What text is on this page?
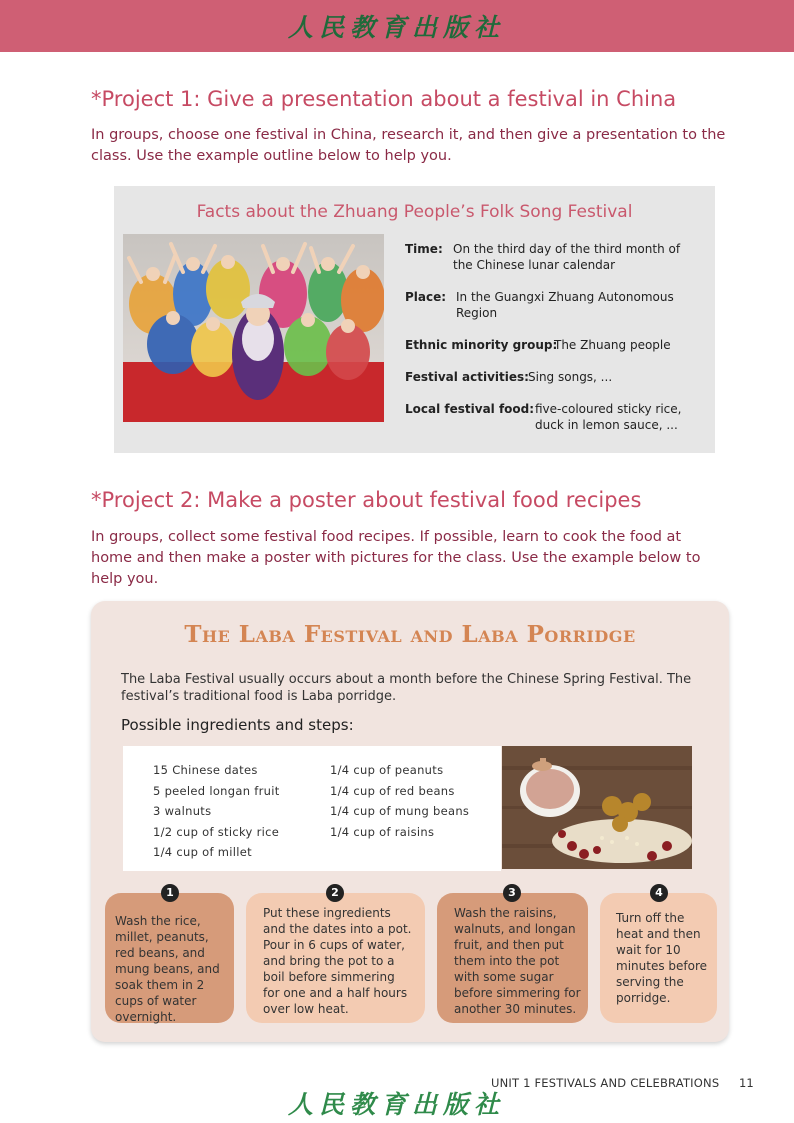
人民教育出版社
*Project 1: Give a presentation about a festival in China
In groups, choose one festival in China, research it, and then give a presentation to the class. Use the example outline below to help you.
Facts about the Zhuang People’s Folk Song Festival
Time: On the third day of the third month of the Chinese lunar calendar
Place: In the Guangxi Zhuang Autonomous Region
Ethnic minority group:
The Zhuang people
Festival activities: Sing songs, ...
Local festival food: five-coloured sticky rice, duck in lemon sauce, ...
*Project 2: Make a poster about festival food recipes
In groups, collect some festival food recipes. If possible, learn to cook the food at home and then make a poster with pictures for the class. Use the example below to help you.
The Laba Festival and Laba Porridge
The Laba Festival usually occurs about a month before the Chinese Spring Festival. The festival’s traditional food is Laba porridge.
Possible ingredients and steps:
15 Chinese dates
5 peeled longan fruit
3 walnuts
1/2 cup of sticky rice
1/4 cup of millet
1/4 cup of peanuts
1/4 cup of red beans
1/4 cup of mung beans
1/4 cup of raisins
1
Wash the rice, millet, peanuts, red beans, and mung beans, and soak them in 2 cups of water overnight.
2
Put these ingredients and the dates into a pot. Pour in 6 cups of water, and bring the pot to a boil before simmering for one and a half hours over low heat.
3
Wash the raisins, walnuts, and longan fruit, and then put them into the pot with some sugar before simmering for another 30 minutes.
4
Turn off the heat and then wait for 10 minutes before serving the porridge.
UNIT 1 FESTIVALS AND CELEBRATIONS 11
人民教育出版社
